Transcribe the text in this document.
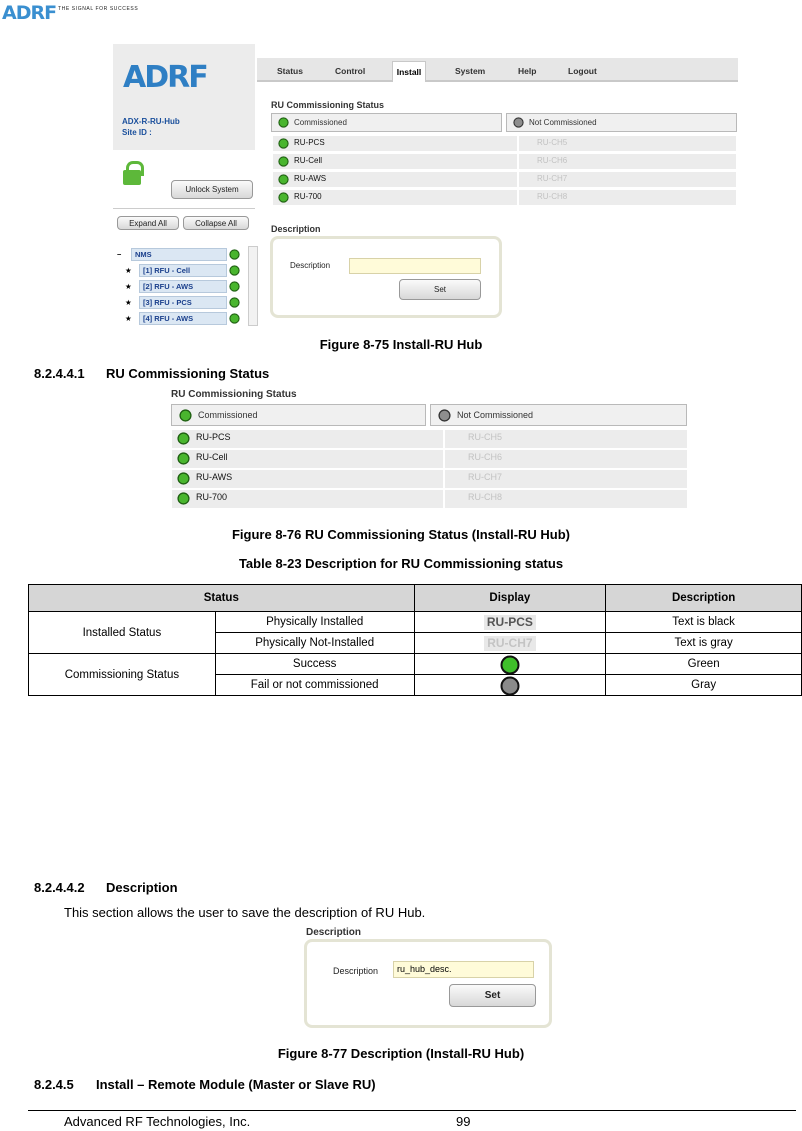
ADRF THE SIGNAL FOR SUCCESS
ADRF
ADX-R-RU-Hub
Site ID :
Unlock System
Expand All	Collapse All
−	NMS
★	[1] RFU - Cell
★	[2] RFU - AWS
★	[3] RFU - PCS
★	[4] RFU - AWS
Status	Control	Install	System	Help	Logout
RU Commissioning Status
Commissioned	Not Commissioned
RU-PCS	RU-CH5
RU-Cell	RU-CH6
RU-AWS	RU-CH7
RU-700	RU-CH8
Description
Description
Set
Figure 8-75 Install-RU Hub
8.2.4.4.1 RU Commissioning Status
RU Commissioning Status
Commissioned	Not Commissioned
RU-PCS	RU-CH5
RU-Cell	RU-CH6
RU-AWS	RU-CH7
RU-700	RU-CH8
Figure 8-76 RU Commissioning Status (Install-RU Hub)
Table 8-23 Description for RU Commissioning status
Status		Display	Description
Installed Status	Physically Installed	RU-PCS	Text is black
	Physically Not-Installed	RU-CH7	Text is gray
Commissioning Status	Success		Green
	Fail or not commissioned		Gray
8.2.4.4.2 Description
This section allows the user to save the description of RU Hub.
Description
Description	ru_hub_desc.
Set
Figure 8-77 Description (Install-RU Hub)
8.2.4.5 Install – Remote Module (Master or Slave RU)
Advanced RF Technologies, Inc.	99
